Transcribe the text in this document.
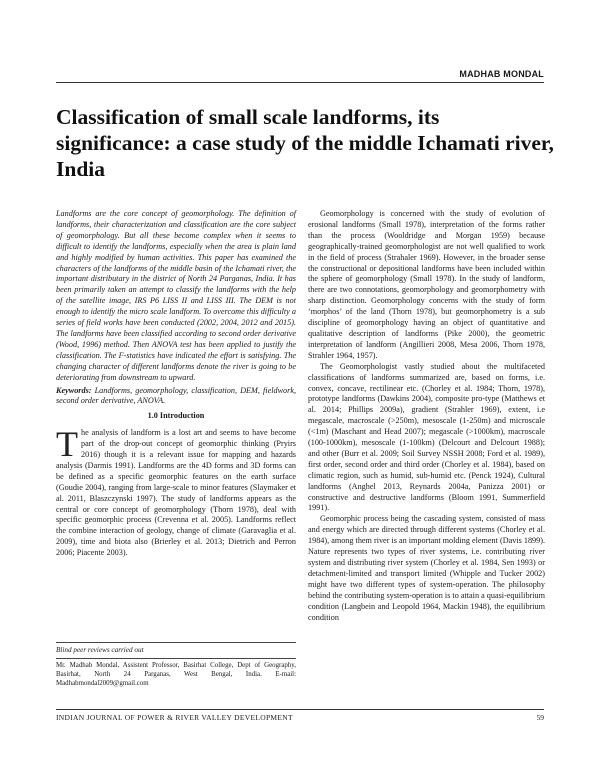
MADHAB MONDAL
Classification of small scale landforms, its significance: a case study of the middle Ichamati river, India

Landforms are the core concept of geomorphology. The definition of landforms, their characterization and classification are the core subject of geomorphology. But all these become complex when it seems to difficult to identify the landforms, especially when the area is plain land and highly modified by human activities. This paper has examined the characters of the landforms of the middle basin of the Ichamati river, the important distributary in the district of North 24 Parganas, India. It has been primarily taken an attempt to classify the landforms with the help of the satellite image, IRS P6 LISS II and LISS III. The DEM is not enough to identify the micro scale landform. To overcome this difficulty a series of field works have been conducted (2002, 2004, 2012 and 2015). The landforms have been classified according to second order derivative (Wood, 1996) method. Then ANOVA test has been applied to justify the classification. The F-statistics have indicated the effort is satisfying. The changing character of different landforms denote the river is going to be deteriorating from downstream to upward.

Keywords: Landforms, geomorphology, classification, DEM, fieldwork, second order derivative, ANOVA.

1.0 Introduction

The analysis of landform is a lost art and seems to have become part of the drop-out concept of geomorphic thinking (Pryirs 2016) though it is a relevant issue for mapping and hazards analysis (Darmis 1991). Landforms are the 4D forms and 3D forms can be defined as a specific geomorphic features on the earth surface (Goudie 2004), ranging from large-scale to minor features (Slaymaker et al. 2011, Blaszczynski 1997). The study of landforms appears as the central or core concept of geomorphology (Thorn 1978), deal with specific geomorphic process (Crevenna et al. 2005). Landforms reflect the combine interaction of geology, change of climate (Garavaglia et al. 2009), time and biota also (Brierley et al. 2013; Dietrich and Perron 2006; Piacente 2003).

Blind peer reviews carried out
Mr. Madhab Mondal, Assistent Professor, Basirhat College, Dept of Geography, Basirhat, North 24 Parganas, West Bengal, India. E-mail: Madhabmondal2009@gmail.com

Geomorphology is concerned with the study of evolution of erosional landforms (Small 1978), interpretation of the forms rather than the process (Wooldridge and Morgan 1959) because geographically-trained geomorphologist are not well qualified to work in the field of process (Strahaler 1969). However, in the broader sense the constructional or depositional landforms have been included within the sphere of geomorphology (Small 1978). In the study of landform, there are two connotations, geomorphology and geomorphometry with sharp distinction. Geomorphology concerns with the study of form ‘morphos’ of the land (Thorn 1978), but geomorphometry is a sub discipline of geomorphology having an object of quantitative and qualitative description of landforms (Pike 2000), the geometric interpretation of landform (Angillieri 2008, Mesa 2006, Thorn 1978, Strahler 1964, 1957).

The Geomorphologist vastly studied about the multifaceted classifications of landforms summarized are, based on forms, i.e. convex, concave, rectilinear etc. (Chorley et al. 1984; Thorn, 1978), prototype landforms (Dawkins 2004), composite pro-type (Matthews et al. 2014; Phillips 2009a), gradient (Strahler 1969), extent, i.e megascale, macroscale (>250m), mesoscale (1-250m) and microscale (<1m) (Maschant and Head 2007); megascale (>1000km), macroscale (100-1000km), mesoscale (1-100km) (Delcourt and Delcourt 1988); and other (Burr et al. 2009; Soil Survey NSSH 2008; Ford et al. 1989), first order, second order and third order (Chorley et al. 1984), based on climatic region, such as humid, sub-humid etc. (Penck 1924), Cultural landforms (Anghel 2013, Reynards 2004a, Panizza 2001) or constructive and destructive landforms (Bloom 1991, Summerfield 1991).

Geomorphic process being the cascading system, consisted of mass and energy which are directed through different systems (Chorley et al. 1984), among them river is an important molding element (Davis 1899). Nature represents two types of river systems, i.e. contributing river system and distributing river system (Chorley et al. 1984, Sen 1993) or detachment-limited and transport limited (Whipple and Tucker 2002) might have two different types of system-operation. The philosophy behind the contributing system-operation is to attain a quasi-equilibrium condition (Langbein and Leopold 1964, Mackin 1948), the equilibrium condition

INDIAN JOURNAL OF POWER & RIVER VALLEY DEVELOPMENT	59
